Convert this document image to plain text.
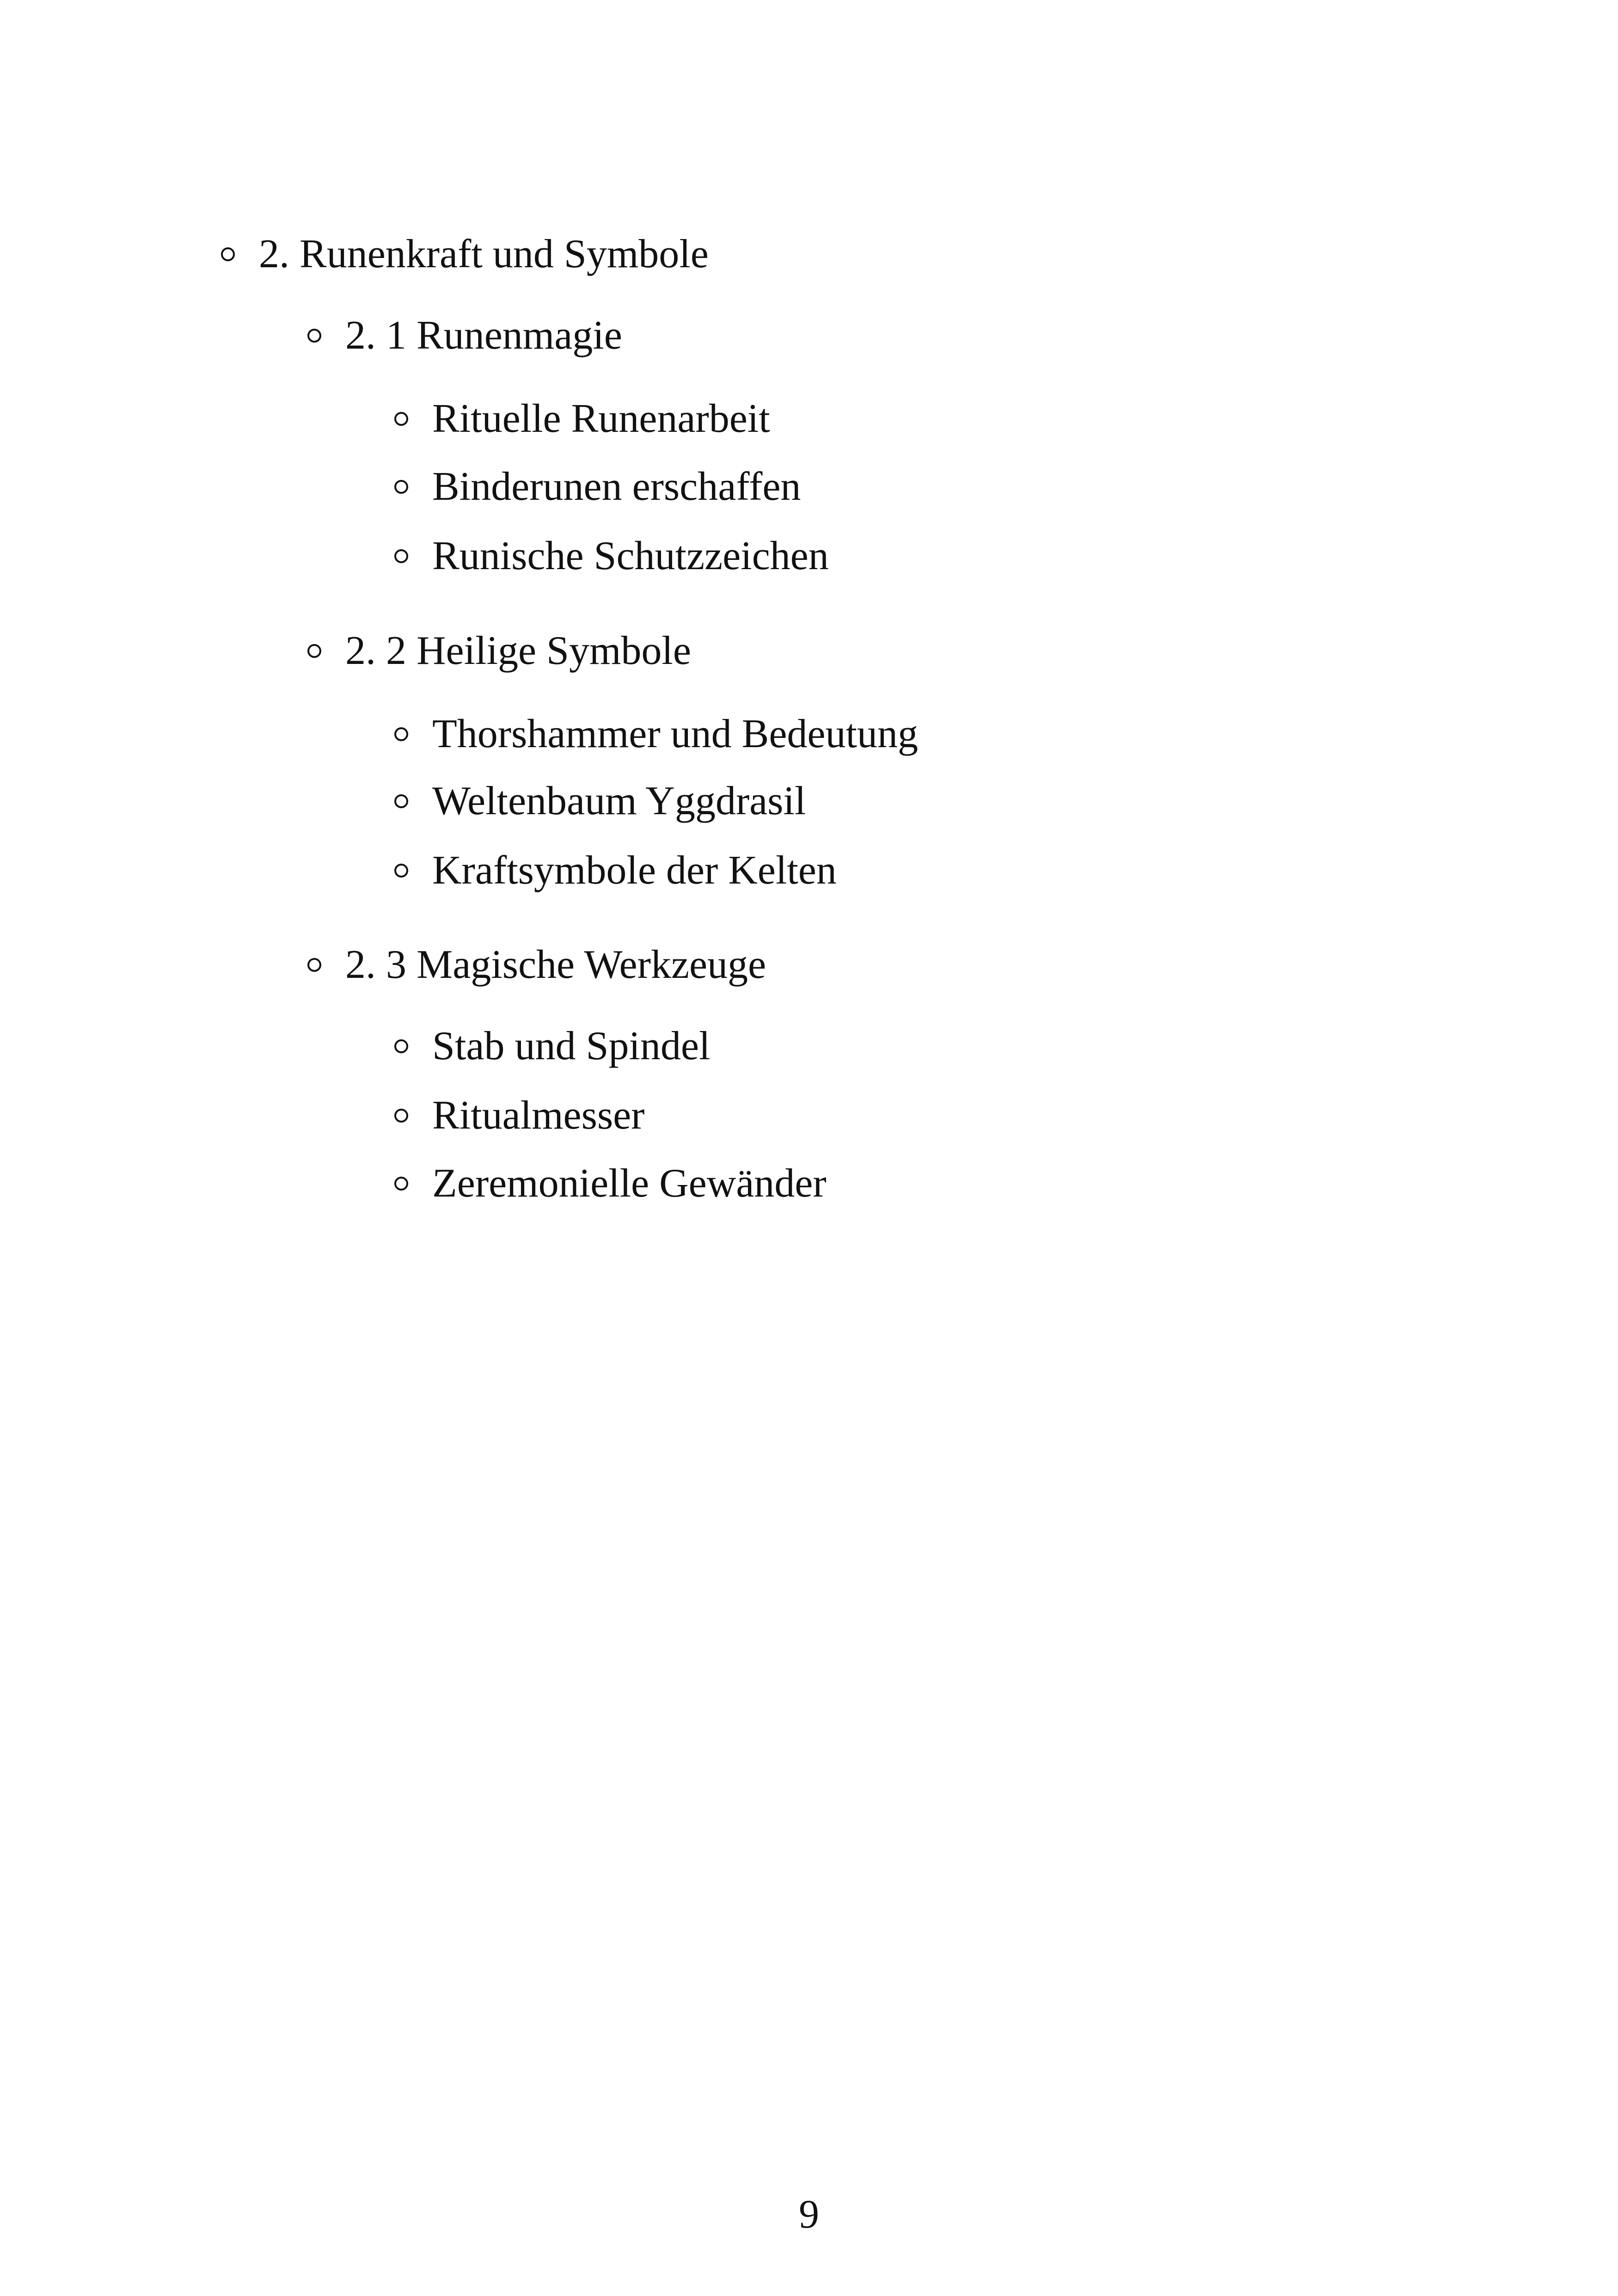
2. Runenkraft und Symbole
2. 1 Runenmagie
Rituelle Runenarbeit
Binderunen erschaffen
Runische Schutzzeichen
2. 2 Heilige Symbole
Thorshammer und Bedeutung
Weltenbaum Yggdrasil
Kraftsymbole der Kelten
2. 3 Magische Werkzeuge
Stab und Spindel
Ritualmesser
Zeremonielle Gewänder
9
